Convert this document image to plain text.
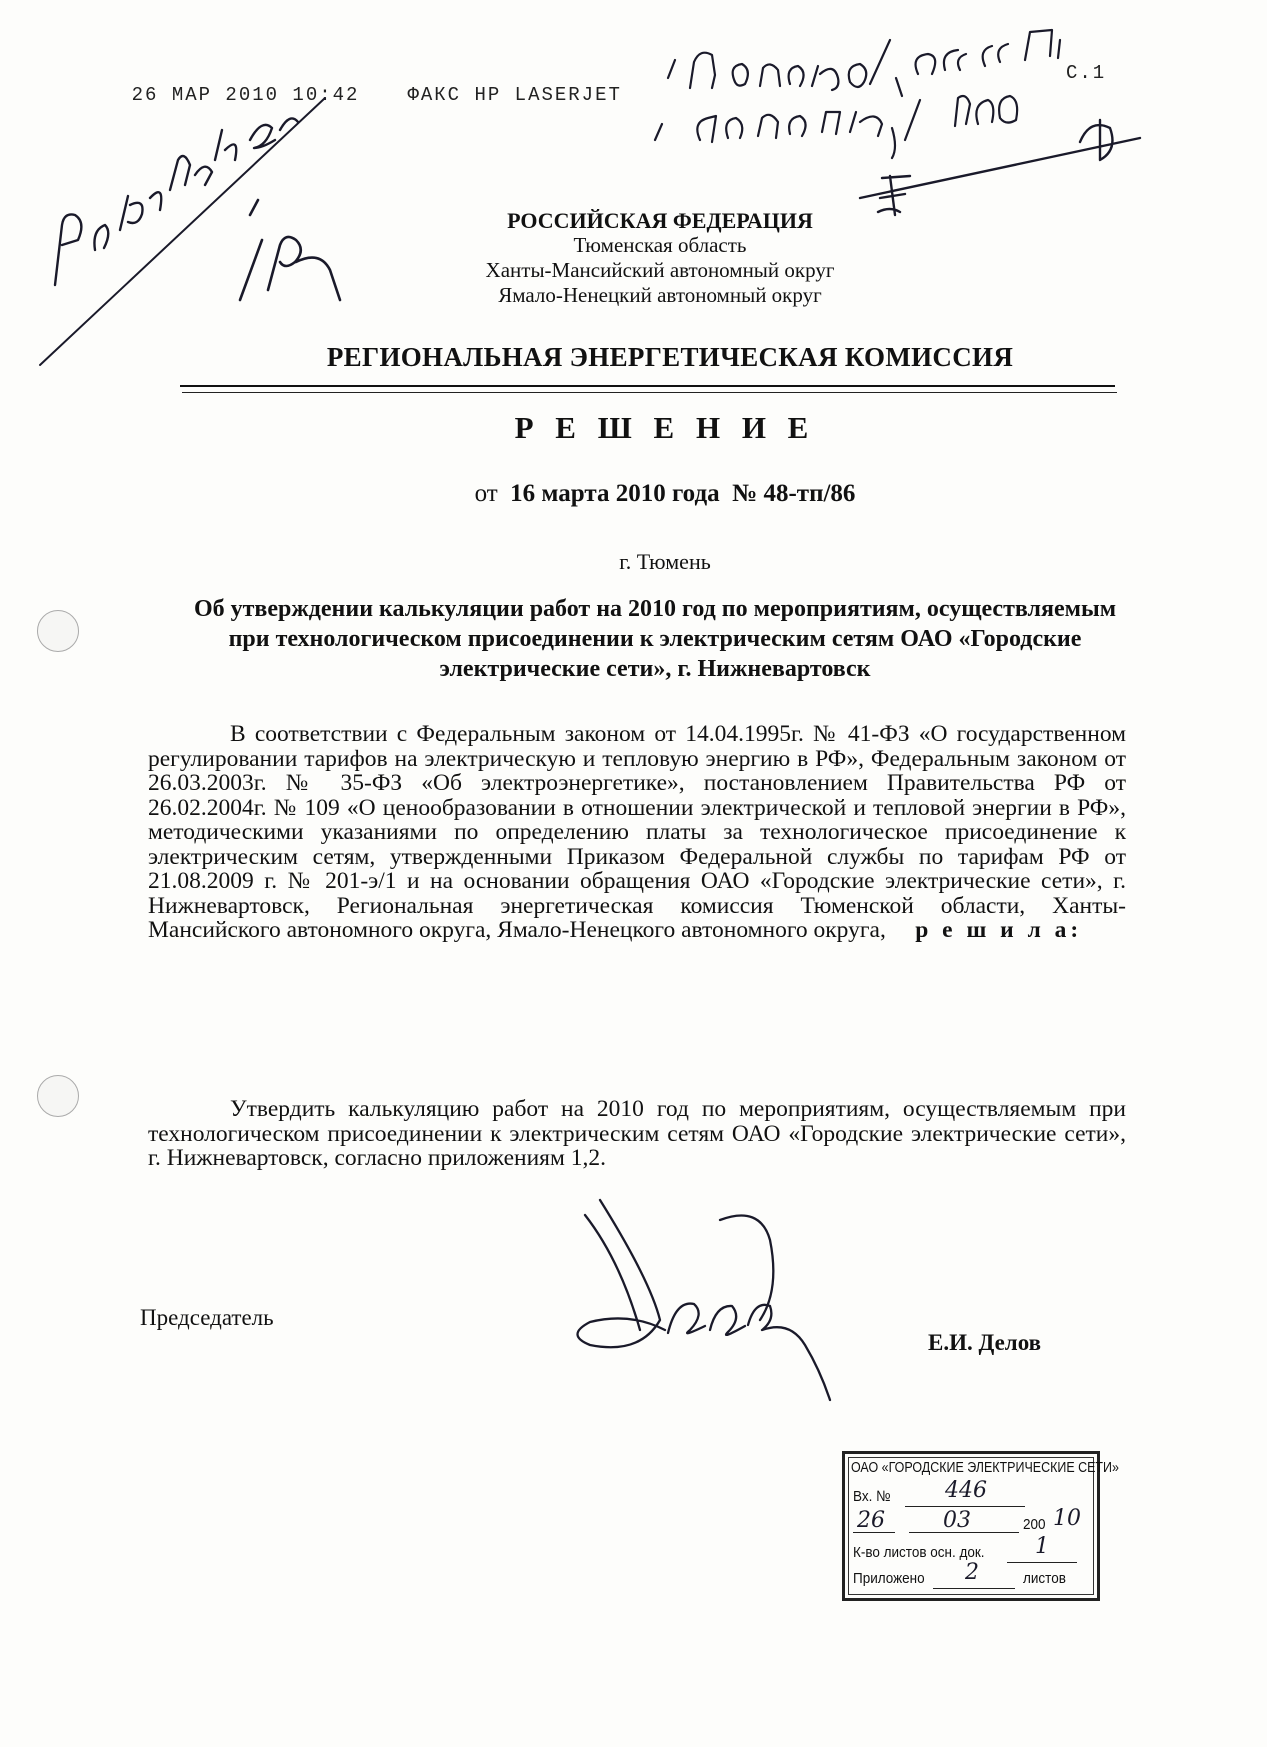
26 МАР 2010 10:42	ФАКС HP LASERJET

С.1
РОССИЙСКАЯ ФЕДЕРАЦИЯ
Тюменская область
Ханты-Мансийский автономный округ
Ямало-Ненецкий автономный округ
РЕГИОНАЛЬНАЯ ЭНЕРГЕТИЧЕСКАЯ КОМИССИЯ
Р Е Ш Е Н И Е
от 16 марта 2010 года № 48-тп/86
г. Тюмень
Об утверждении калькуляции работ на 2010 год по мероприятиям, осуществляемым при технологическом присоединении к электрическим сетям ОАО «Городские электрические сети», г. Нижневартовск
В соответствии с Федеральным законом от 14.04.1995г. № 41-ФЗ «О государственном регулировании тарифов на электрическую и тепловую энергию в РФ», Федеральным законом от 26.03.2003г. № 35-ФЗ «Об электроэнергетике», постановлением Правительства РФ от 26.02.2004г. № 109 «О ценообразовании в отношении электрической и тепловой энергии в РФ», методическими указаниями по определению платы за технологическое присоединение к электрическим сетям, утвержденными Приказом Федеральной службы по тарифам РФ от 21.08.2009 г. № 201-э/1 и на основании обращения ОАО «Городские электрические сети», г. Нижневартовск, Региональная энергетическая комиссия Тюменской области, Ханты-Мансийского автономного округа, Ямало-Ненецкого автономного округа, р е ш и л а:
Утвердить калькуляцию работ на 2010 год по мероприятиям, осуществляемым при технологическом присоединении к электрическим сетям ОАО «Городские электрические сети», г. Нижневартовск, согласно приложениям 1,2.
Председатель
Е.И. Делов
ОАО «ГОРОДСКИЕ ЭЛЕКТРИЧЕСКИЕ СЕТИ»
Вх. № 446
26	03	200 10
К-во листов осн. док. 1
Приложено 2	листов
